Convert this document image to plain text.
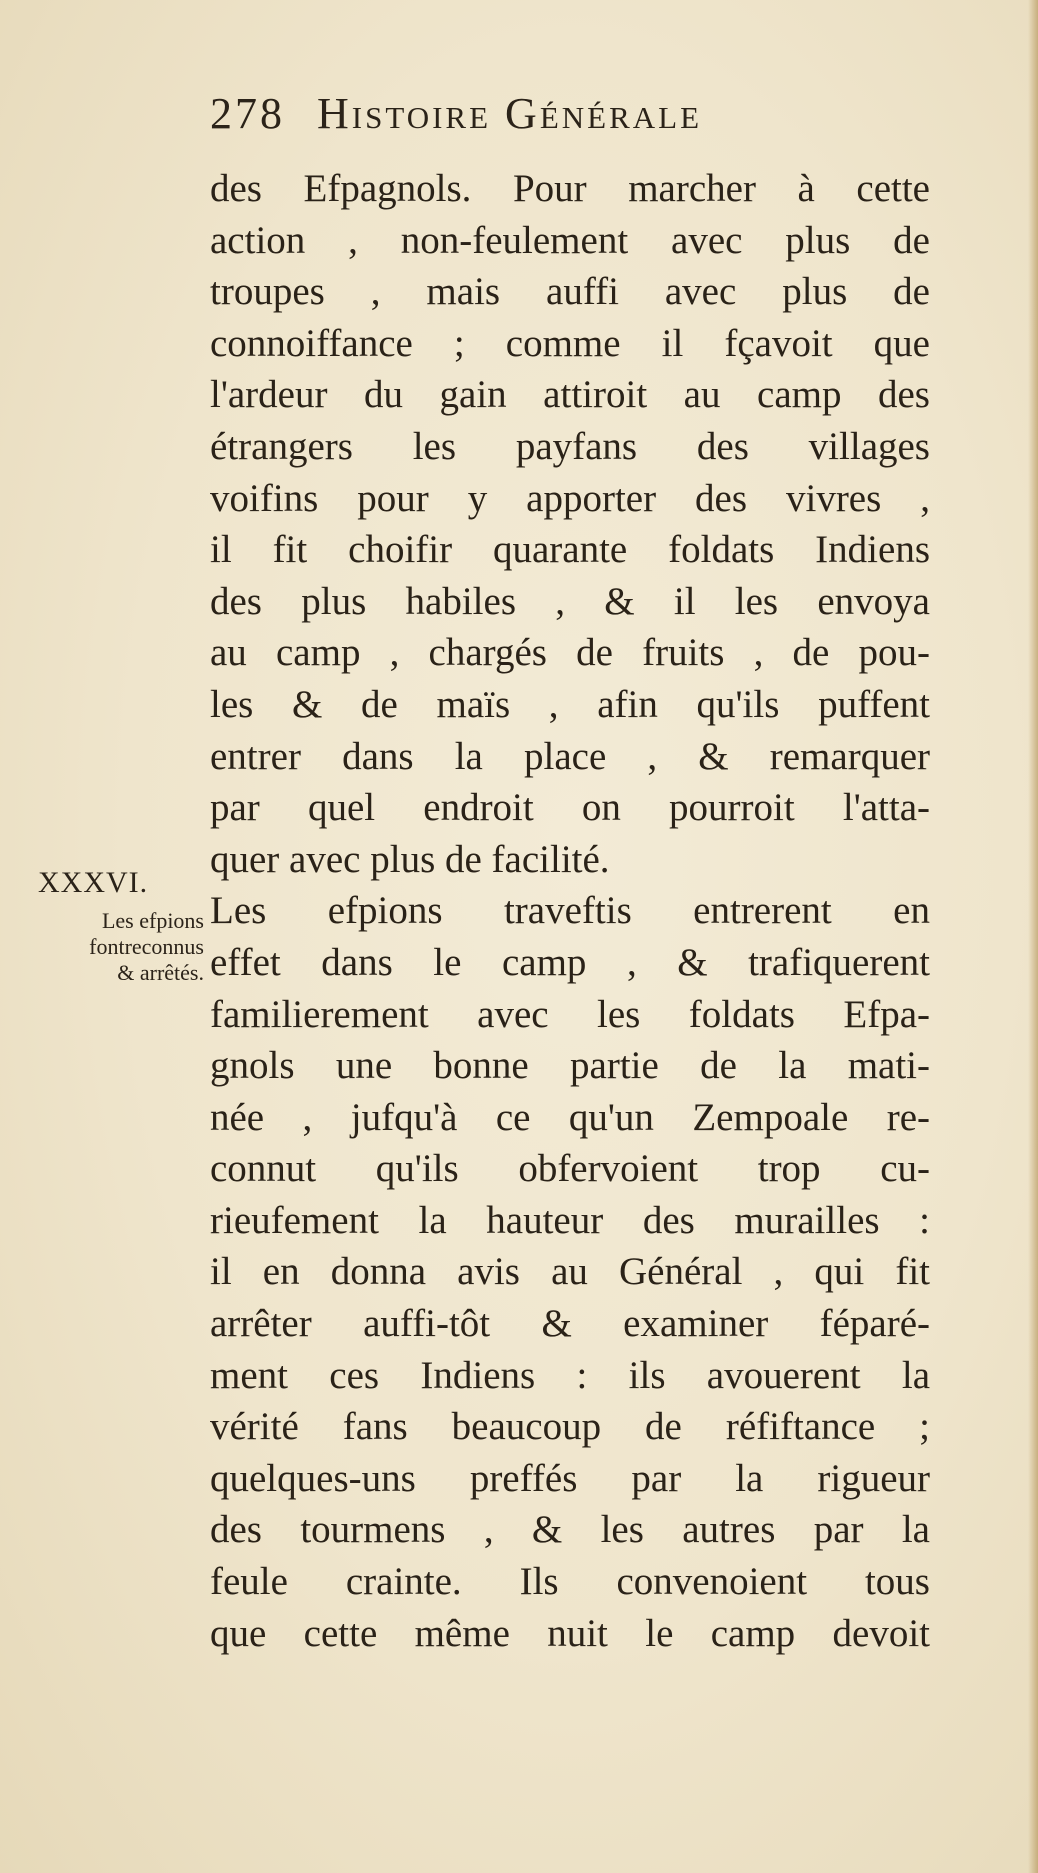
278 Histoire Générale
XXXVI.
Les efpions
fontreconnus
& arrêtés.
des Efpagnols. Pour marcher à cette
action , non-feulement avec plus de
troupes , mais auffi avec plus de
connoiffance ; comme il fçavoit que
l'ardeur du gain attiroit au camp des
étrangers les payfans des villages
voifins pour y apporter des vivres ,
il fit choifir quarante foldats Indiens
des plus habiles , & il les envoya
au camp , chargés de fruits , de pou-
les & de maïs , afin qu'ils puffent
entrer dans la place , & remarquer
par quel endroit on pourroit l'atta-
quer avec plus de facilité.
Les efpions traveftis entrerent en
effet dans le camp , & trafiquerent
familierement avec les foldats Efpa-
gnols une bonne partie de la mati-
née , jufqu'à ce qu'un Zempoale re-
connut qu'ils obfervoient trop cu-
rieufement la hauteur des murailles :
il en donna avis au Général , qui fit
arrêter auffi-tôt & examiner féparé-
ment ces Indiens : ils avouerent la
vérité fans beaucoup de réfiftance ;
quelques-uns preffés par la rigueur
des tourmens , & les autres par la
feule crainte. Ils convenoient tous
que cette même nuit le camp devoit
